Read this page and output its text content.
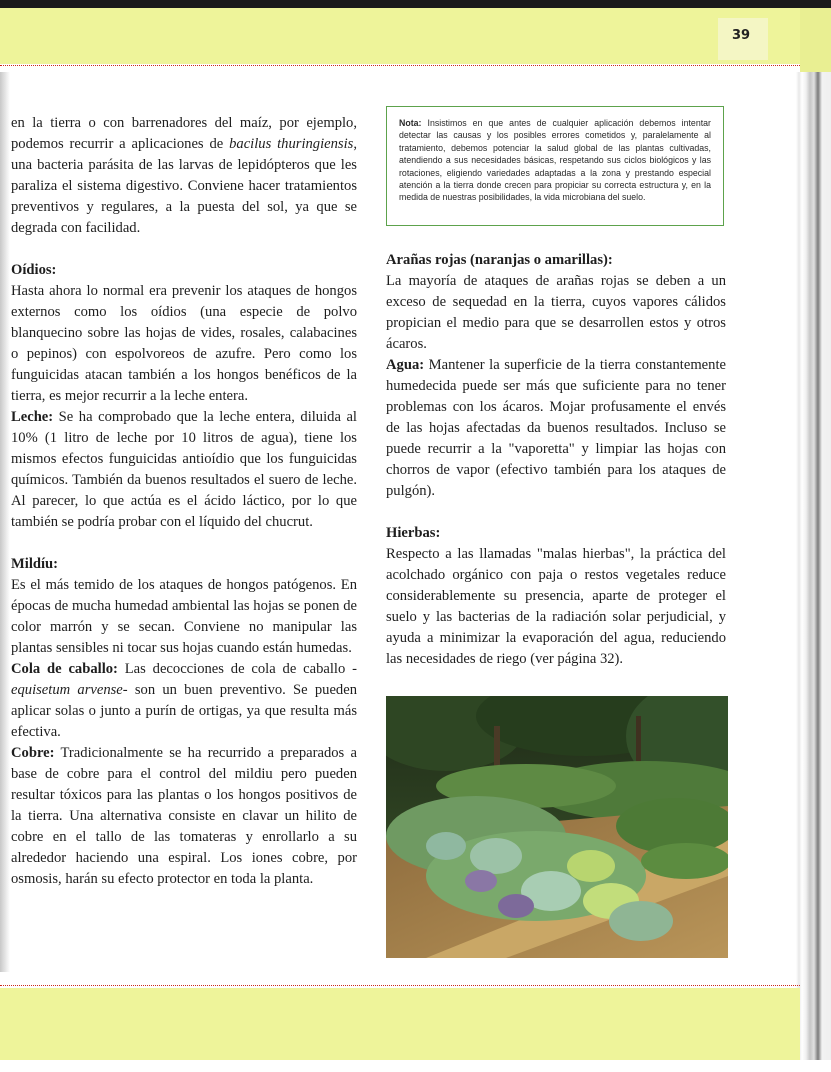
39

en la tierra o con barrenadores del maíz, por ejemplo, podemos recurrir a aplicaciones de bacilus thuringiensis, una bacteria parásita de las larvas de lepidópteros que les paraliza el sistema digestivo. Conviene hacer tratamientos preventivos y regulares, a la puesta del sol, ya que se degrada con facilidad.

Oídios:

Hasta ahora lo normal era prevenir los ataques de hongos externos como los oídios (una especie de polvo blanquecino sobre las hojas de vides, rosales, calabacines o pepinos) con espolvoreos de azufre. Pero como los funguicidas atacan también a los hongos benéficos de la tierra, es mejor recurrir a la leche entera.

Leche: Se ha comprobado que la leche entera, diluida al 10% (1 litro de leche por 10 litros de agua), tiene los mismos efectos funguicidas antioídio que los funguicidas químicos. También da buenos resultados el suero de leche. Al parecer, lo que actúa es el ácido láctico, por lo que también se podría probar con el líquido del chucrut.

Mildíu:

Es el más temido de los ataques de hongos patógenos. En épocas de mucha humedad ambiental las hojas se ponen de color marrón y se secan. Conviene no manipular las plantas sensibles ni tocar sus hojas cuando están humedas.

Cola de caballo: Las decocciones de cola de caballo -equisetum arvense- son un buen preventivo. Se pueden aplicar solas o junto a purín de ortigas, ya que resulta más efectiva.

Cobre: Tradicionalmente se ha recurrido a preparados a base de cobre para el control del mildiu pero pueden resultar tóxicos para las plantas o los hongos positivos de la tierra. Una alternativa consiste en clavar un hilito de cobre en el tallo de las tomateras y enrollarlo a su alrededor haciendo una espiral. Los iones cobre, por osmosis, harán su efecto protector en toda la planta.

Nota: Insistimos en que antes de cualquier aplicación debemos intentar detectar las causas y los posibles errores cometidos y, paralelamente al tratamiento, debemos potenciar la salud global de las plantas cultivadas, atendiendo a sus necesidades básicas, respetando sus ciclos biológicos y las rotaciones, eligiendo variedades adaptadas a la zona y prestando especial atención a la tierra donde crecen para propiciar su correcta estructura y, en la medida de nuestras posibilidades, la vida microbiana del suelo.

Arañas rojas (naranjas o amarillas):

La mayoría de ataques de arañas rojas se deben a un exceso de sequedad en la tierra, cuyos vapores cálidos propician el medio para que se desarrollen estos y otros ácaros.

Agua: Mantener la superficie de la tierra constantemente humedecida puede ser más que suficiente para no tener problemas con los ácaros. Mojar profusamente el envés de las hojas afectadas da buenos resultados. Incluso se puede recurrir a la "vaporetta" y limpiar las hojas con chorros de vapor (efectivo también para los ataques de pulgón).

Hierbas:

Respecto a las llamadas "malas hierbas", la práctica del acolchado orgánico con paja o restos vegetales reduce considerablemente su presencia, aparte de proteger el suelo y las bacterias de la radiación solar perjudicial, y ayuda a minimizar la evaporación del agua, reduciendo las necesidades de riego (ver página 32).
